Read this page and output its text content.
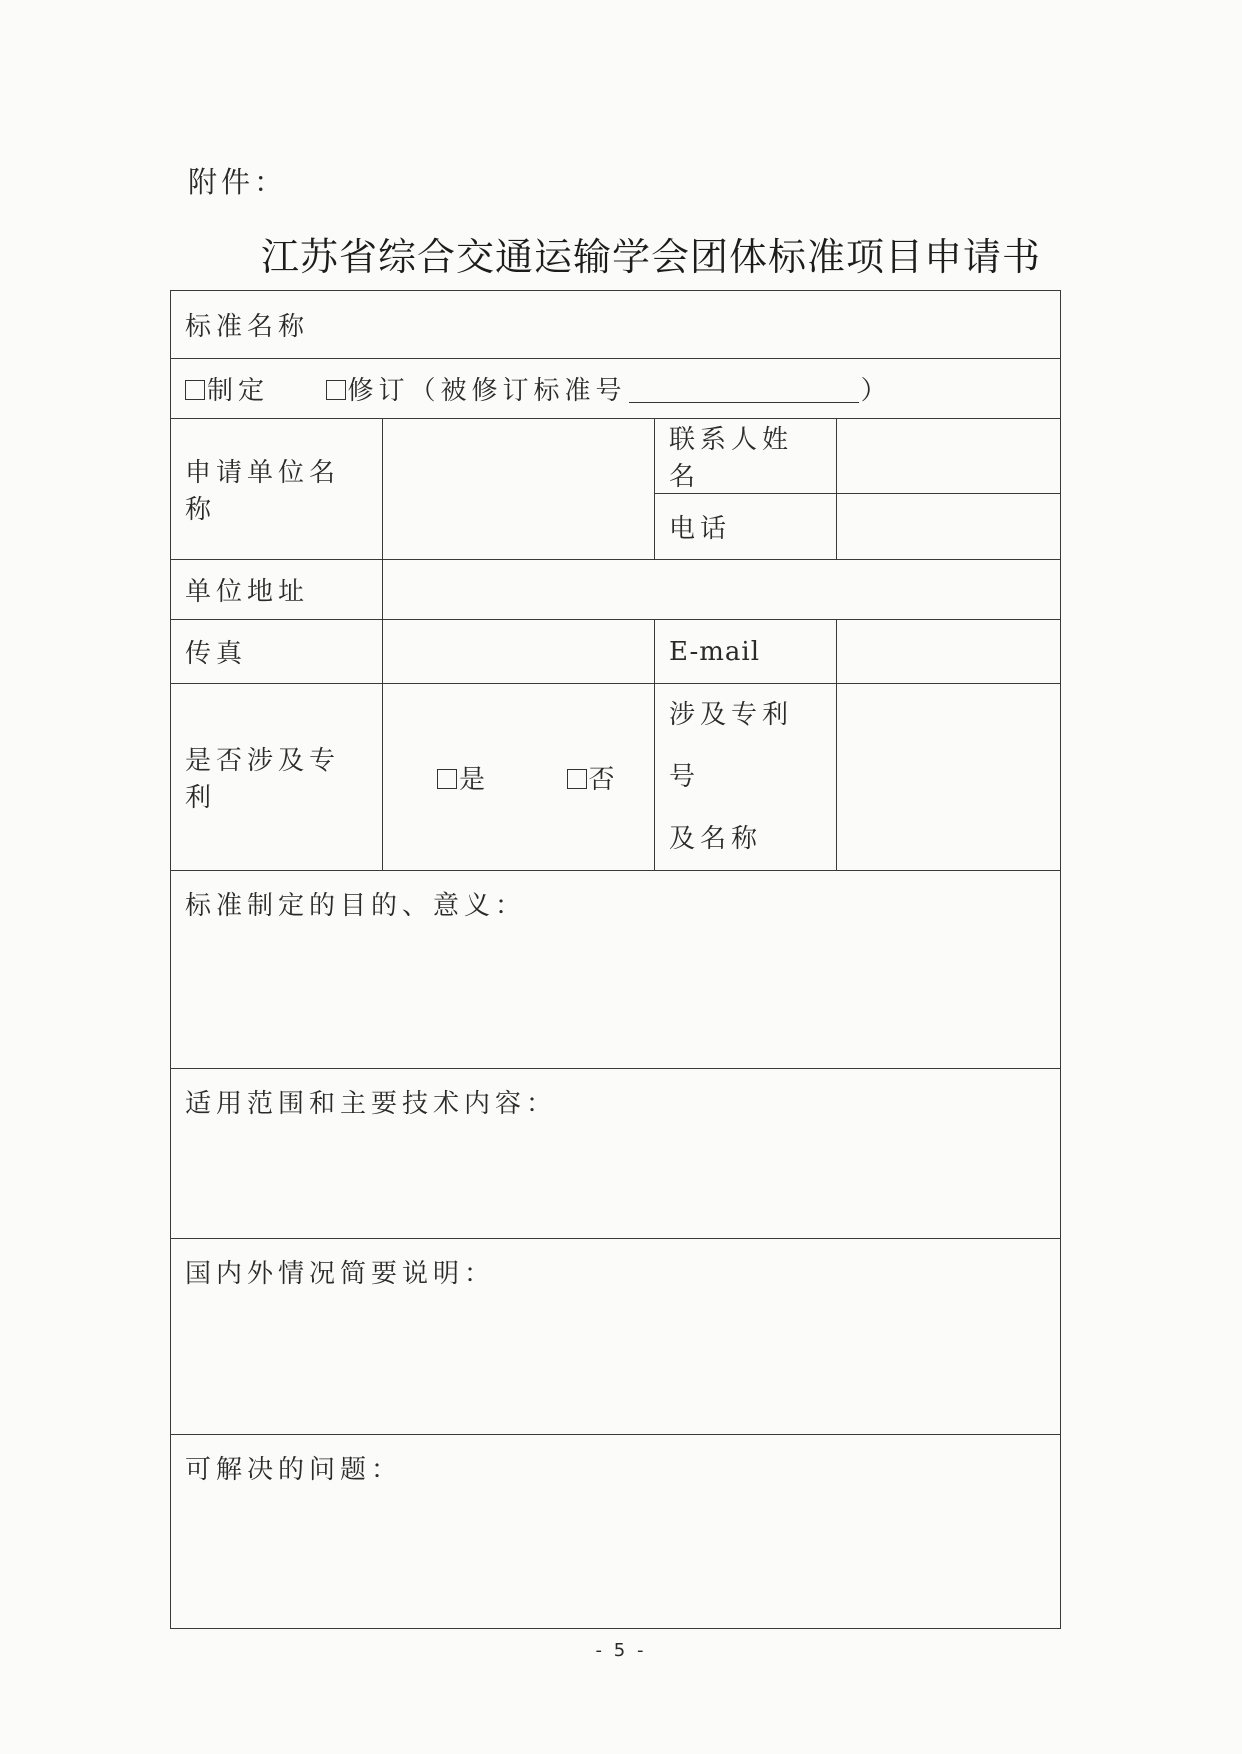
附件：
江苏省综合交通运输学会团体标准项目申请书
标准名称			
制定 修订（被修订标准号 ）			
申请单位名称		联系人姓名	
		电话	
单位地址			
传真		E-mail	
是否涉及专利	是 否	涉及专利号
及名称	
标准制定的目的、意义：			
适用范围和主要技术内容：			
国内外情况简要说明：			
可解决的问题：			
- 5 -
